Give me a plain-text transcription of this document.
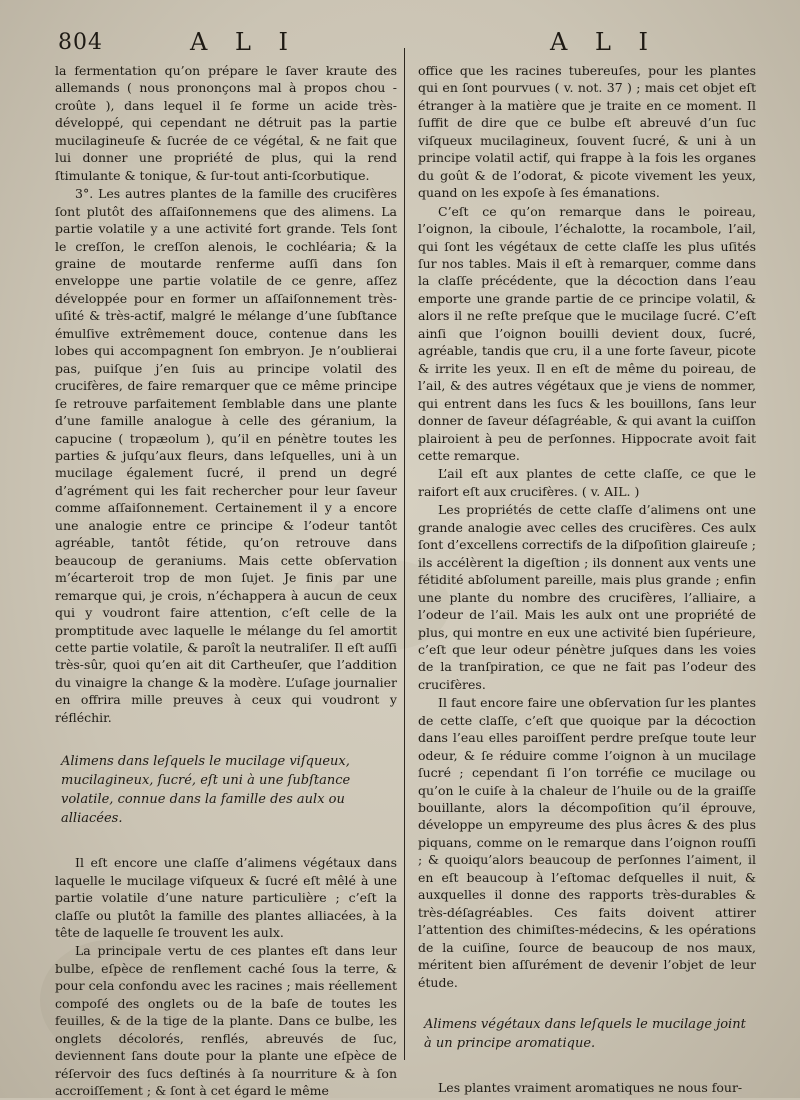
804	A L I	A L I

la fermentation qu’on prépare le ſaver kraute des allemands ( nous prononçons mal à propos chou - croûte ), dans lequel il ſe forme un acide très-développé, qui cependant ne détruit pas la partie mucilagineuſe & ſucrée de ce végétal, & ne fait que lui donner une propriété de plus, qui la rend ſtimulante & tonique, & ſur-tout anti-ſcorbutique.

3°. Les autres plantes de la famille des crucifères ſont plutôt des aſſaiſonnemens que des alimens. La partie volatile y a une activité fort grande. Tels ſont le creſſon, le creſſon alenois, le cochléaria; & la graine de moutarde renferme auſſi dans ſon enveloppe une partie volatile de ce genre, aſſez développée pour en former un aſſaiſonnement très-uſité & très-actif, malgré le mélange d’une ſubſtance émulſive extrêmement douce, contenue dans les lobes qui accompagnent ſon embryon. Je n’oublierai pas, puiſque j’en ſuis au principe volatil des crucifères, de faire remarquer que ce même principe ſe retrouve parfaitement ſemblable dans une plante d’une famille analogue à celle des géranium, la capucine ( tropæolum ), qu’il en pénètre toutes les parties & juſqu’aux fleurs, dans leſquelles, uni à un mucilage également ſucré, il prend un degré d’agrément qui les fait rechercher pour leur ſaveur comme aſſaiſonnement. Certainement il y a encore une analogie entre ce principe & l’odeur tantôt agréable, tantôt fétide, qu’on retrouve dans beaucoup de geraniums. Mais cette obſervation m’écarteroit trop de mon ſujet. Je finis par une remarque qui, je crois, n’échappera à aucun de ceux qui y voudront faire attention, c’eſt celle de la promptitude avec laquelle le mélange du ſel amortit cette partie volatile, & paroît la neutraliſer. Il eſt auſſi très-sûr, quoi qu’en ait dit Cartheuſer, que l’addition du vinaigre la change & la modère. L’uſage journalier en offrira mille preuves à ceux qui voudront y réfléchir.

Alimens dans leſquels le mucilage viſqueux, mucilagineux, ſucré, eſt uni à une ſubſtance volatile, connue dans la famille des aulx ou alliacées.

Il eſt encore une claſſe d’alimens végétaux dans laquelle le mucilage viſqueux & ſucré eſt mêlé à une partie volatile d’une nature particulière ; c’eſt la claſſe ou plutôt la famille des plantes alliacées, à la tête de laquelle ſe trouvent les aulx.

La principale vertu de ces plantes eſt dans leur bulbe, eſpèce de renflement caché ſous la terre, & pour cela confondu avec les racines ; mais réellement compoſé des onglets ou de la baſe de toutes les feuilles, & de la tige de la plante. Dans ce bulbe, les onglets décolorés, renflés, abreuvés de ſuc, deviennent ſans doute pour la plante une eſpèce de réſervoir des ſucs deſtinés à ſa nourriture & à ſon accroiſſement ; & ſont à cet égard le même

office que les racines tubereuſes, pour les plantes qui en ſont pourvues ( v. not. 37 ) ; mais cet objet eſt étranger à la matière que je traite en ce moment. Il ſuffit de dire que ce bulbe eſt abreuvé d’un ſuc viſqueux mucilagineux, ſouvent ſucré, & uni à un principe volatil actif, qui frappe à la fois les organes du goût & de l’odorat, & picote vivement les yeux, quand on les expoſe à ſes émanations.

C’eſt ce qu’on remarque dans le poireau, l’oignon, la ciboule, l’échalotte, la rocambole, l’ail, qui ſont les végétaux de cette claſſe les plus uſités ſur nos tables. Mais il eſt à remarquer, comme dans la claſſe précédente, que la décoction dans l’eau emporte une grande partie de ce principe volatil, & alors il ne reſte preſque que le mucilage ſucré. C’eſt ainſi que l’oignon bouilli devient doux, ſucré, agréable, tandis que cru, il a une forte ſaveur, picote & irrite les yeux. Il en eſt de même du poireau, de l’ail, & des autres végétaux que je viens de nommer, qui entrent dans les ſucs & les bouillons, ſans leur donner de ſaveur déſagréable, & qui avant la cuiſſon plairoient à peu de perſonnes. Hippocrate avoit fait cette remarque.

L’ail eſt aux plantes de cette claſſe, ce que le raifort eſt aux crucifères. ( v. AIL. )

Les propriétés de cette claſſe d’alimens ont une grande analogie avec celles des crucifères. Ces aulx ſont d’excellens correctifs de la diſpoſition glaireuſe ; ils accélèrent la digeſtion ; ils donnent aux vents une fétidité abſolument pareille, mais plus grande ; enfin une plante du nombre des crucifères, l’alliaire, a l’odeur de l’ail. Mais les aulx ont une propriété de plus, qui montre en eux une activité bien ſupérieure, c’eſt que leur odeur pénètre juſques dans les voies de la tranſpiration, ce que ne fait pas l’odeur des crucifères.

Il faut encore faire une obſervation ſur les plantes de cette claſſe, c’eſt que quoique par la décoction dans l’eau elles paroiſſent perdre preſque toute leur odeur, & ſe réduire comme l’oignon à un mucilage ſucré ; cependant ſi l’on torréfie ce mucilage ou qu’on le cuiſe à la chaleur de l’huile ou de la graiſſe bouillante, alors la décompoſition qu’il éprouve, développe un empyreume des plus âcres & des plus piquans, comme on le remarque dans l’oignon rouſſi ; & quoiqu’alors beaucoup de perſonnes l’aiment, il en eſt beaucoup à l’eſtomac deſquelles il nuit, & auxquelles il donne des rapports très-durables & très-déſagréables. Ces faits doivent attirer l’attention des chimiſtes-médecins, & les opérations de la cuiſine, ſource de beaucoup de nos maux, méritent bien aſſurément de devenir l’objet de leur étude.

Alimens végétaux dans leſquels le mucilage joint à un principe aromatique.

Les plantes vraiment aromatiques ne nous four-
